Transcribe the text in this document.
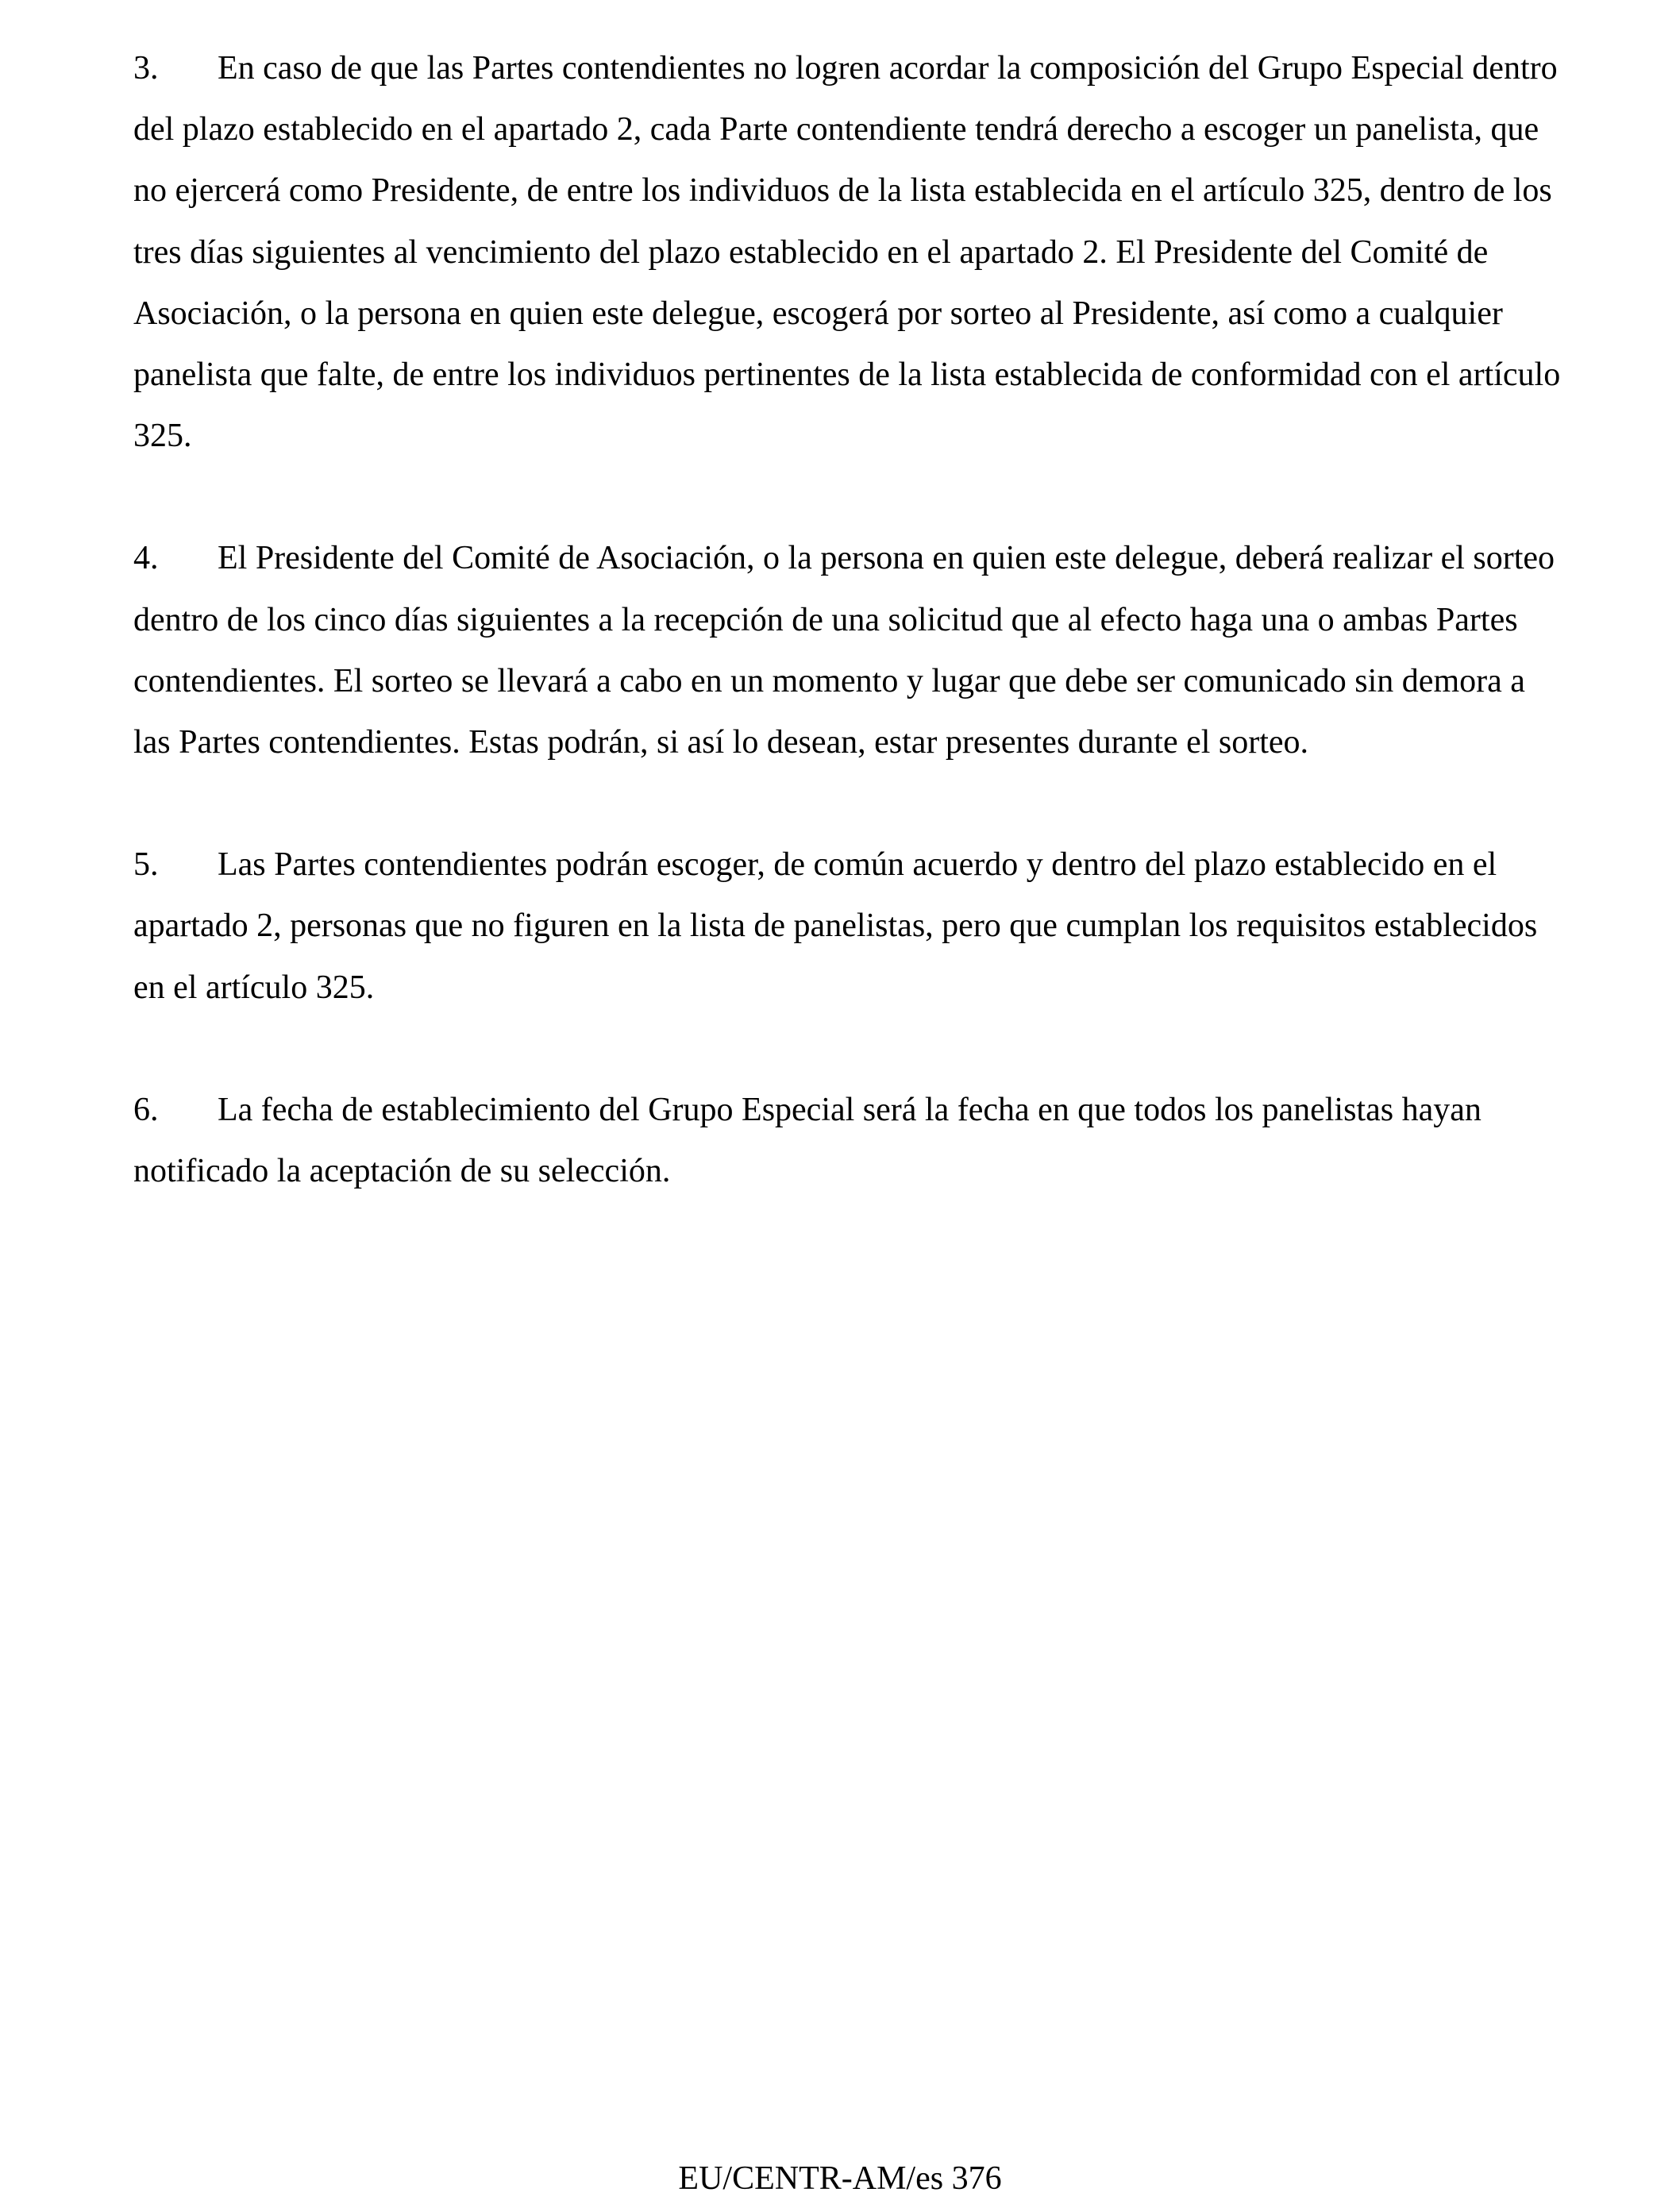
3. En caso de que las Partes contendientes no logren acordar la composición del Grupo Especial dentro del plazo establecido en el apartado 2, cada Parte contendiente tendrá derecho a escoger un panelista, que no ejercerá como Presidente, de entre los individuos de la lista establecida en el artículo 325, dentro de los tres días siguientes al vencimiento del plazo establecido en el apartado 2. El Presidente del Comité de Asociación, o la persona en quien este delegue, escogerá por sorteo al Presidente, así como a cualquier panelista que falte, de entre los individuos pertinentes de la lista establecida de conformidad con el artículo 325.

4. El Presidente del Comité de Asociación, o la persona en quien este delegue, deberá realizar el sorteo dentro de los cinco días siguientes a la recepción de una solicitud que al efecto haga una o ambas Partes contendientes. El sorteo se llevará a cabo en un momento y lugar que debe ser comunicado sin demora a las Partes contendientes. Estas podrán, si así lo desean, estar presentes durante el sorteo.

5. Las Partes contendientes podrán escoger, de común acuerdo y dentro del plazo establecido en el apartado 2, personas que no figuren en la lista de panelistas, pero que cumplan los requisitos establecidos en el artículo 325.

6. La fecha de establecimiento del Grupo Especial será la fecha en que todos los panelistas hayan notificado la aceptación de su selección.

EU/CENTR-AM/es 376
